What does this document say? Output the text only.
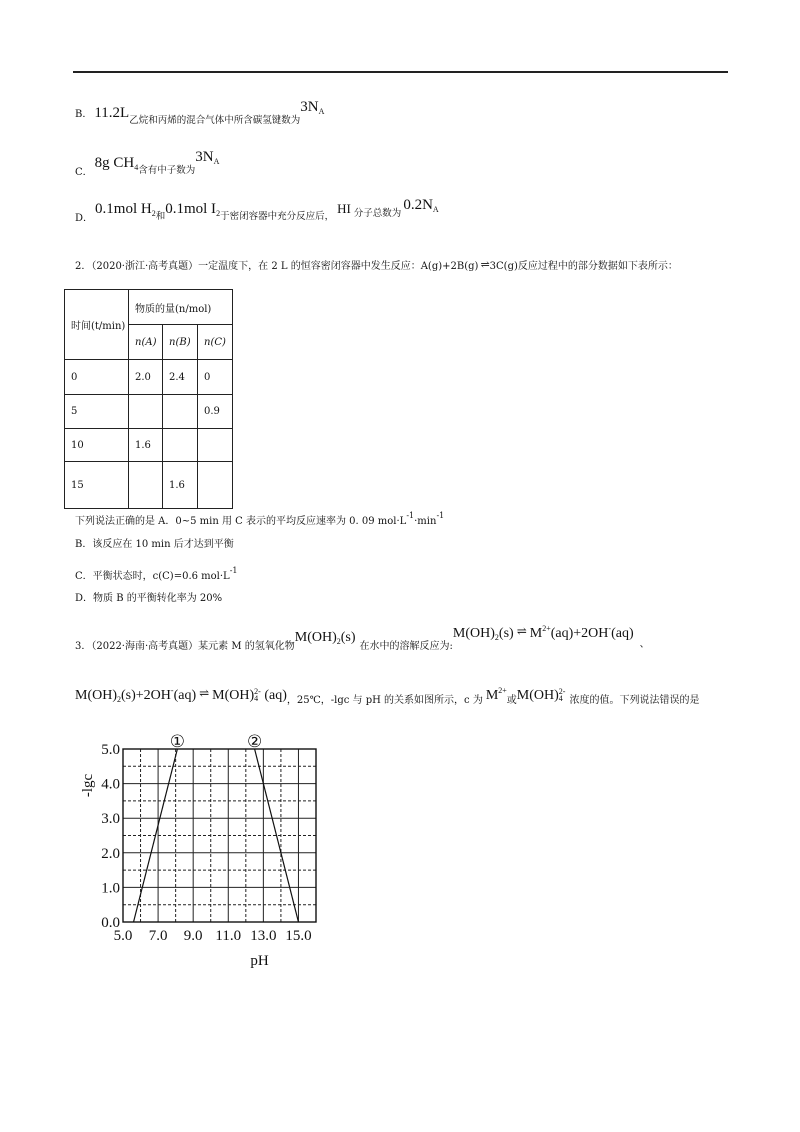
B． 11.2L乙烷和丙烯的混合气体中所含碳氢键数为$3N_A$
C．8g $CH_4$含有中子数为$3N_A$
D．0.1mol $H_2$和0.1mol $I_2$于密闭容器中充分反应后，HI 分子总数为$0.2N_A$
2．（2020·浙江·高考真题）一定温度下，在 2 L 的恒容密闭容器中发生反应：A(g)+2B(g) ⇌ 3C(g)反应过程中的部分数据如下表所示：
时间(t/min)	物质的量(n/mol)		
	n(A)	n(B)	n(C)
0	2.0	2.4	0
5			0.9
10	1.6		
15		1.6	
下列说法正确的是 A．0~5 min 用 C 表示的平均反应速率为 0. 09 $mol\cdot L^{-1}\cdot\min^{-1}$
B．该反应在 10 min 后才达到平衡
C．平衡状态时，c(C)=0.6 $mol\cdot L^{-1}$
D．物质 B 的平衡转化率为 20%
3．（2022·海南·高考真题）某元素 M 的氢氧化物$M(OH)_2(s)$在水中的溶解反应为$:M(OH)_2(s)$ ⇌ $M^{2+}(aq)+2OH^-(aq)$、
$M(OH)_2(s)+2OH^-(aq)$ ⇌ M(OH)2-
4 (aq)，25℃，-lgc 与 pH 的关系如图所示，c 为 $M^{2+}$或M(OH)2-
4 浓度的值。下列说法错误的是
5.0 7.0 9.0 11.0 13.0 15.0
0.0
1.0
2.0
3.0
4.0
5.0
pH
-lgc
①	②
